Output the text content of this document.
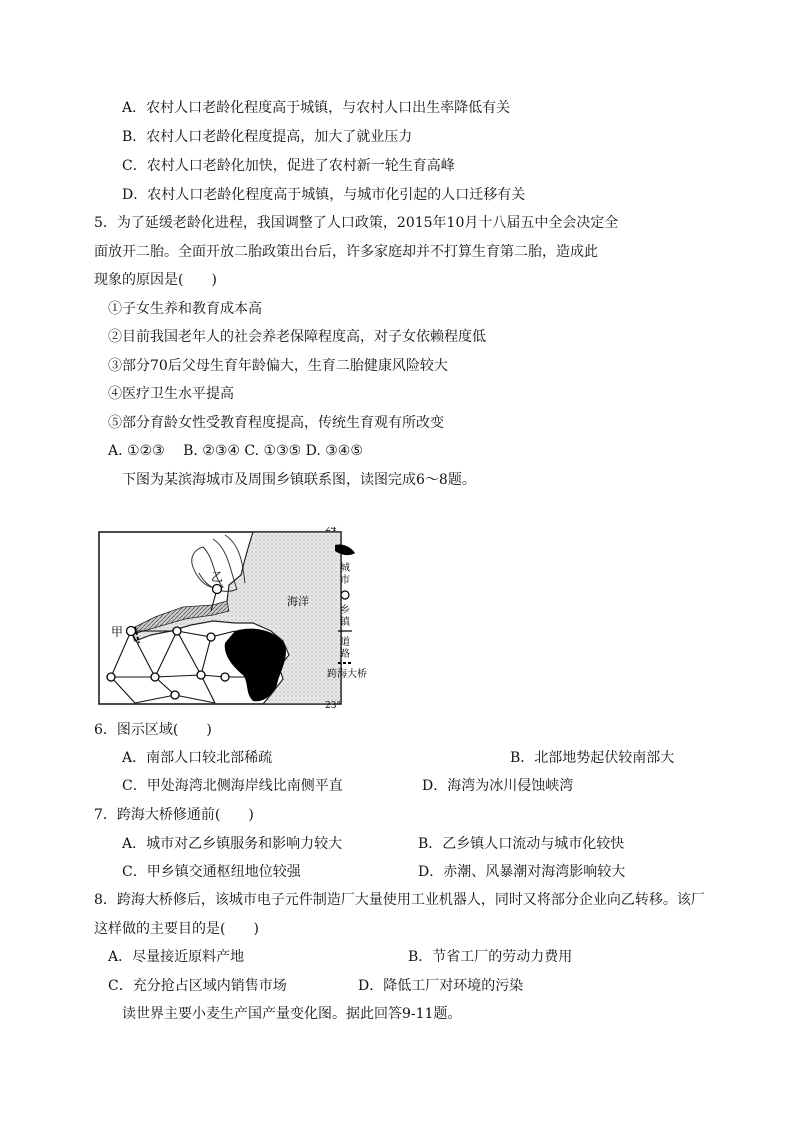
A．农村人口老龄化程度高于城镇，与农村人口出生率降低有关
B．农村人口老龄化程度提高，加大了就业压力
C．农村人口老龄化加快，促进了农村新一轮生育高峰
D．农村人口老龄化程度高于城镇，与城市化引起的人口迁移有关
5．为了延缓老龄化进程，我国调整了人口政策，2015年10月十八届五中全会决定全
面放开二胎。全面开放二胎政策出台后，许多家庭却并不打算生育第二胎，造成此
现象的原因是(　　)
①子女生养和教育成本高
②目前我国老年人的社会养老保障程度高，对子女依赖程度低
③部分70后父母生育年龄偏大，生育二胎健康风险较大
④医疗卫生水平提高
⑤部分育龄女性受教育程度提高，传统生育观有所改变
A. ①②③　 B. ②③④ C. ①③⑤ D. ③④⑤
下图为某滨海城市及周围乡镇联系图，读图完成6～8题。
甲
乙
海洋
24°
23°
城 市
乡 镇
道 路
跨海大桥
6．图示区域(　　)
A．南部人口较北部稀疏	B．北部地势起伏较南部大
C．甲处海湾北侧海岸线比南侧平直	D．海湾为冰川侵蚀峡湾
7．跨海大桥修通前(　　)
A．城市对乙乡镇服务和影响力较大	B．乙乡镇人口流动与城市化较快
C．甲乡镇交通枢纽地位较强	D．赤潮、风暴潮对海湾影响较大
8．跨海大桥修后，该城市电子元件制造厂大量使用工业机器人，同时又将部分企业向乙转移。该厂
这样做的主要目的是(　　)
A．尽量接近原料产地	B．节省工厂的劳动力费用
C．充分抢占区域内销售市场	D．降低工厂对环境的污染
读世界主要小麦生产国产量变化图。据此回答9-11题。
